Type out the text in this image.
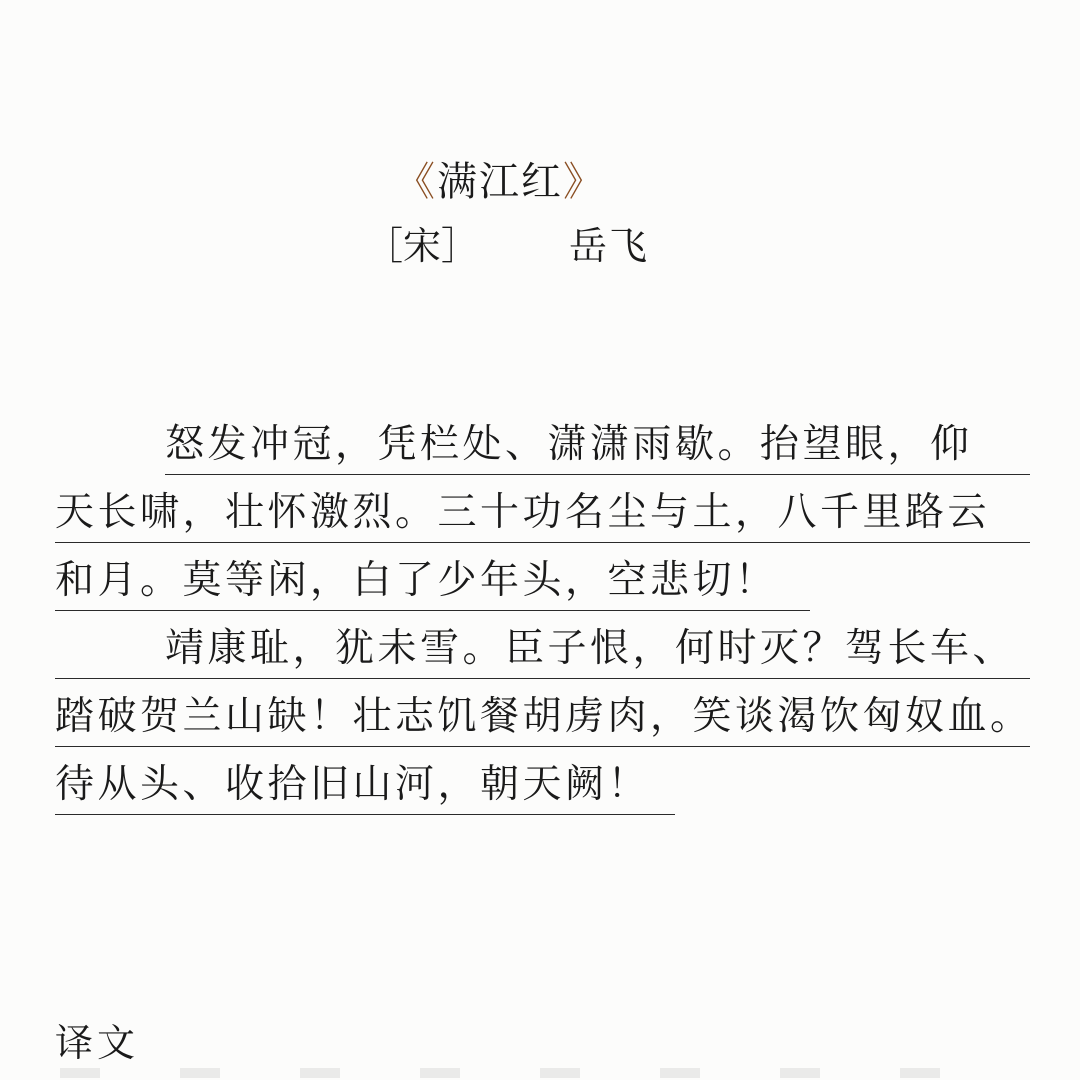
《满江红》
［宋］ 岳飞
怒发冲冠，凭栏处、潇潇雨歇。抬望眼，仰
天长啸，壮怀激烈。三十功名尘与土，八千里路云
和月。莫等闲，白了少年头，空悲切！
靖康耻，犹未雪。臣子恨，何时灭？驾长车、
踏破贺兰山缺！壮志饥餐胡虏肉，笑谈渴饮匈奴血。
待从头、收拾旧山河，朝天阙！
译文
